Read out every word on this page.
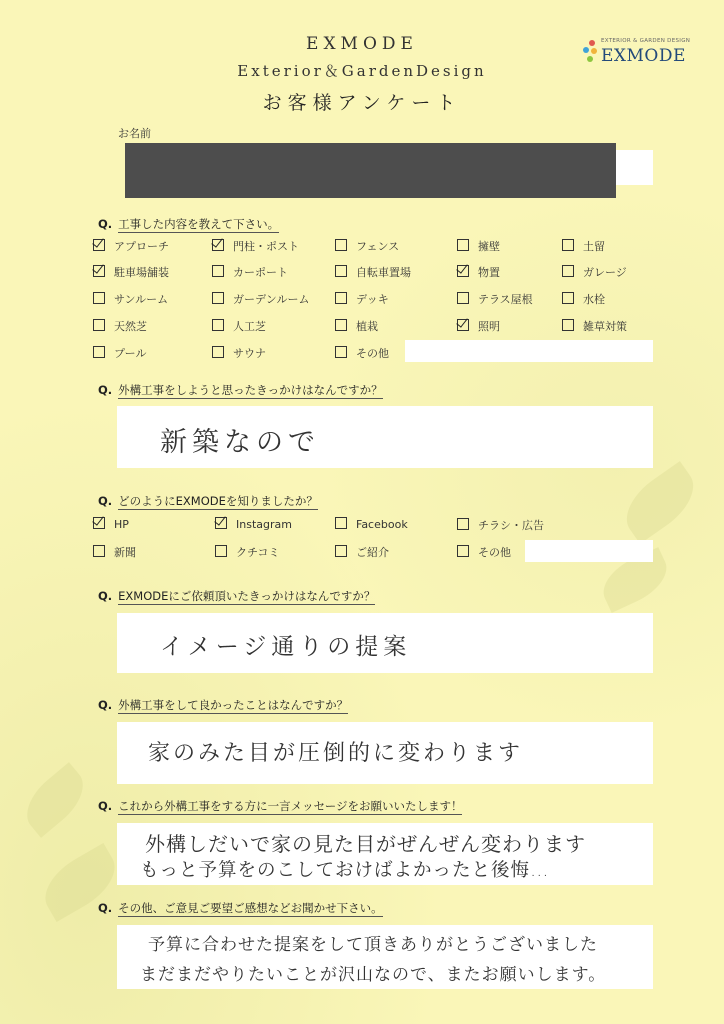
EXMODE
Exterior＆GardenDesign
お客様アンケート
EXTERIOR & GARDEN DESIGN
EXMODE
お名前
Q. 工事した内容を教えて下さい。
アプローチ	門柱・ポスト	フェンス	擁壁	土留
駐車場舗装	カーポート	自転車置場	物置	ガレージ
サンルーム	ガーデンルーム	デッキ	テラス屋根	水栓
天然芝	人工芝	植栽	照明	雑草対策
プール	サウナ	その他
Q. 外構工事をしようと思ったきっかけはなんですか？
新築なので
Q. どのようにEXMODEを知りましたか？
HP	Instagram	Facebook	チラシ・広告
新聞	クチコミ	ご紹介	その他
Q. EXMODEにご依頼頂いたきっかけはなんですか？
イメージ通りの提案
Q. 外構工事をして良かったことはなんですか？
家のみた目が圧倒的に変わります
Q. これから外構工事をする方に一言メッセージをお願いいたします！
外構しだいで家の見た目がぜんぜん変わります
もっと予算をのこしておけばよかったと後悔…
Q. その他、ご意見ご要望ご感想などお聞かせ下さい。
予算に合わせた提案をして頂きありがとうございました
まだまだやりたいことが沢山なので、またお願いします。
